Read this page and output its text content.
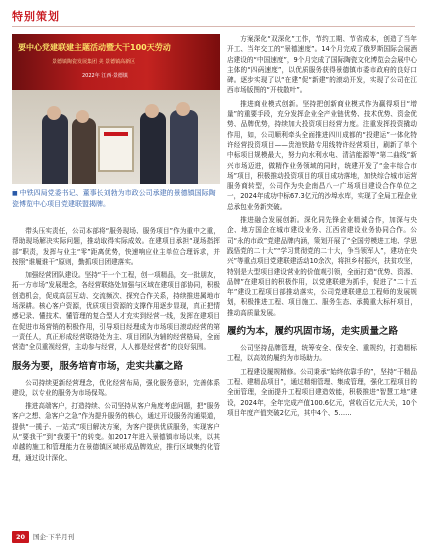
特别策划
要中心党建联建主题活动暨大干100天劳动
景德镇陶瓷发展集团 美 景德镇高新区
2022年 江西·景德镇
■ 中铁四局党委书记、董事长刘勃为市政公司承建的景德镇国际陶瓷博览中心项目党建联盟揭牌。

带头压实责任，公司本部将“服务现场、服务项目”作为重中之重，帮助现场解决实际问题，推动取得实际成效。在建项目承担“现场指挥部”职责，发挥与业主“零”距离优势，快速响应业主单位合理诉求，并按照“谁履谁干”原则，勤抓项目团建落实。

加强经营团队建设。坚持“干一个工程，创一项精品，交一批朋友，拓一方市场”发展理念，各经营联络处加强与区域在建项目部协同，积极创造机会，促成高层互动、交流频次、探究合作关系，持续推进属地市场深耕。核心客户资源，优质项目资源的支撑作用逐步显现，真正把情感记录、懂技术、懂管理的复合型人才充实到经营一线，发挥在建项目在促进市场营销的积极作用，引导项目经理成为市场项目滚动经营的第一责任人，真正形成经营联络处为主、项目团队为辅的经营格局，全面营造“全员重视经营，主动参与经营，人人都是经营者”的良好氛围。

服务为要，服务培育市场，走实共赢之路

公司持续更新经营理念，优化经营布局，强化服务意识，完善体系建设，以专业的服务为市场保驾。

推进高端客户，打造持续、公司坚持从客户角度考虑问题，把“服务客户之想、急客户之急”作为提升服务的核心，通过开设服务沟通渠道，提供“一揽子、一站式”项目解决方案，为客户提供优质服务，实现客户从“要我干”到“我要干”的转变。如2017年进入景德镇市场以来，以其卓越的施工和管理能力在景德镇区域形成品牌效应，推行区域集约化管理，通过设计深化、

方案深化“双深化”工作，节约工期、节省成本，创造了当年开工、当年交工的“景德速度”。14个月完成了俄罗斯国际会展酒店建设的“中国速度”，9个月完成了国际陶瓷文化博览会会展中心主体的“四码速度”，以优质服务获得景德镇市委市政府的良好口碑。逐步实现了以“在建”促“新建”的滚动开发，实现了公司在江西市场版图的“开枝散叶”。

推进商业模式创新。坚持把创新商业模式作为赢得项目“增量”的重要手段，充分发挥企业全产业链优势、技术优势、资金优势、品牌优势，持续加大投资项目经营力度。注重发挥投资撬动作用，如，公司顺利牵头全面推进四川成都的“投建运”一体化特许经营投资项目——贵池铁路专用线特许经营项目，刷新了单个中标项目规模最大，努力向水利水电、清洁能源等“第二曲线”新兴市场迈进，做精作业务领域的同时，统建开发了“金丰综合市场”项目，积极推动投资项目的项目成功落地，加快综合城市运营服务商转型，公司作为央企南昌八一广场项目建设合作单位之一，2024年成功中标67.3亿元的沙埠水库，实现了全局工程企业总承包业务新突破。

推进融合发展创新。深化同先锋企业精诚合作，加深与央企、地方国企在城市建设业务、江西省建设业务协同合作。公司“永的市政”党建品牌内涵，策划开展了“全国劳模进工地、学思践悟党的二十大”“学习贯彻党的二十大，争当领军人”，建功在央兴”等重点项目党建联建活动10余次，将担乡村振兴，扶贫攻坚，特别是大型项目建设营业的价值观引领，全面打造“优势、资源、品牌”在建项目的积极作用，以党建联建为抓手，促进了“二十五年”建设工程项目部推动落实，公司党建联建总工程师的发展规划，积极推进工程、项目施工、服务生态、承揽重大标杆项目，推动高质量发展。

履约为本，履约巩固市场，走实质量之路

公司坚持品牌管理，统筹安全、保安全、重规约，打造精标工程，以高效的履约为市场助力。

工程建设履规精修。公司秉承“始终依靠手的”，坚持“干精品工程、建精品项目”，通过精细管理、集成管理，强化工程项目的全面管理，全面提升工程项目建造效能，积极推进“智慧工地”建设，2024年，全年完成产值100.6亿元，营收百亿元大关，10个项目年度产值突破2亿元，其中4个、5……

20 国企·下半月刊
